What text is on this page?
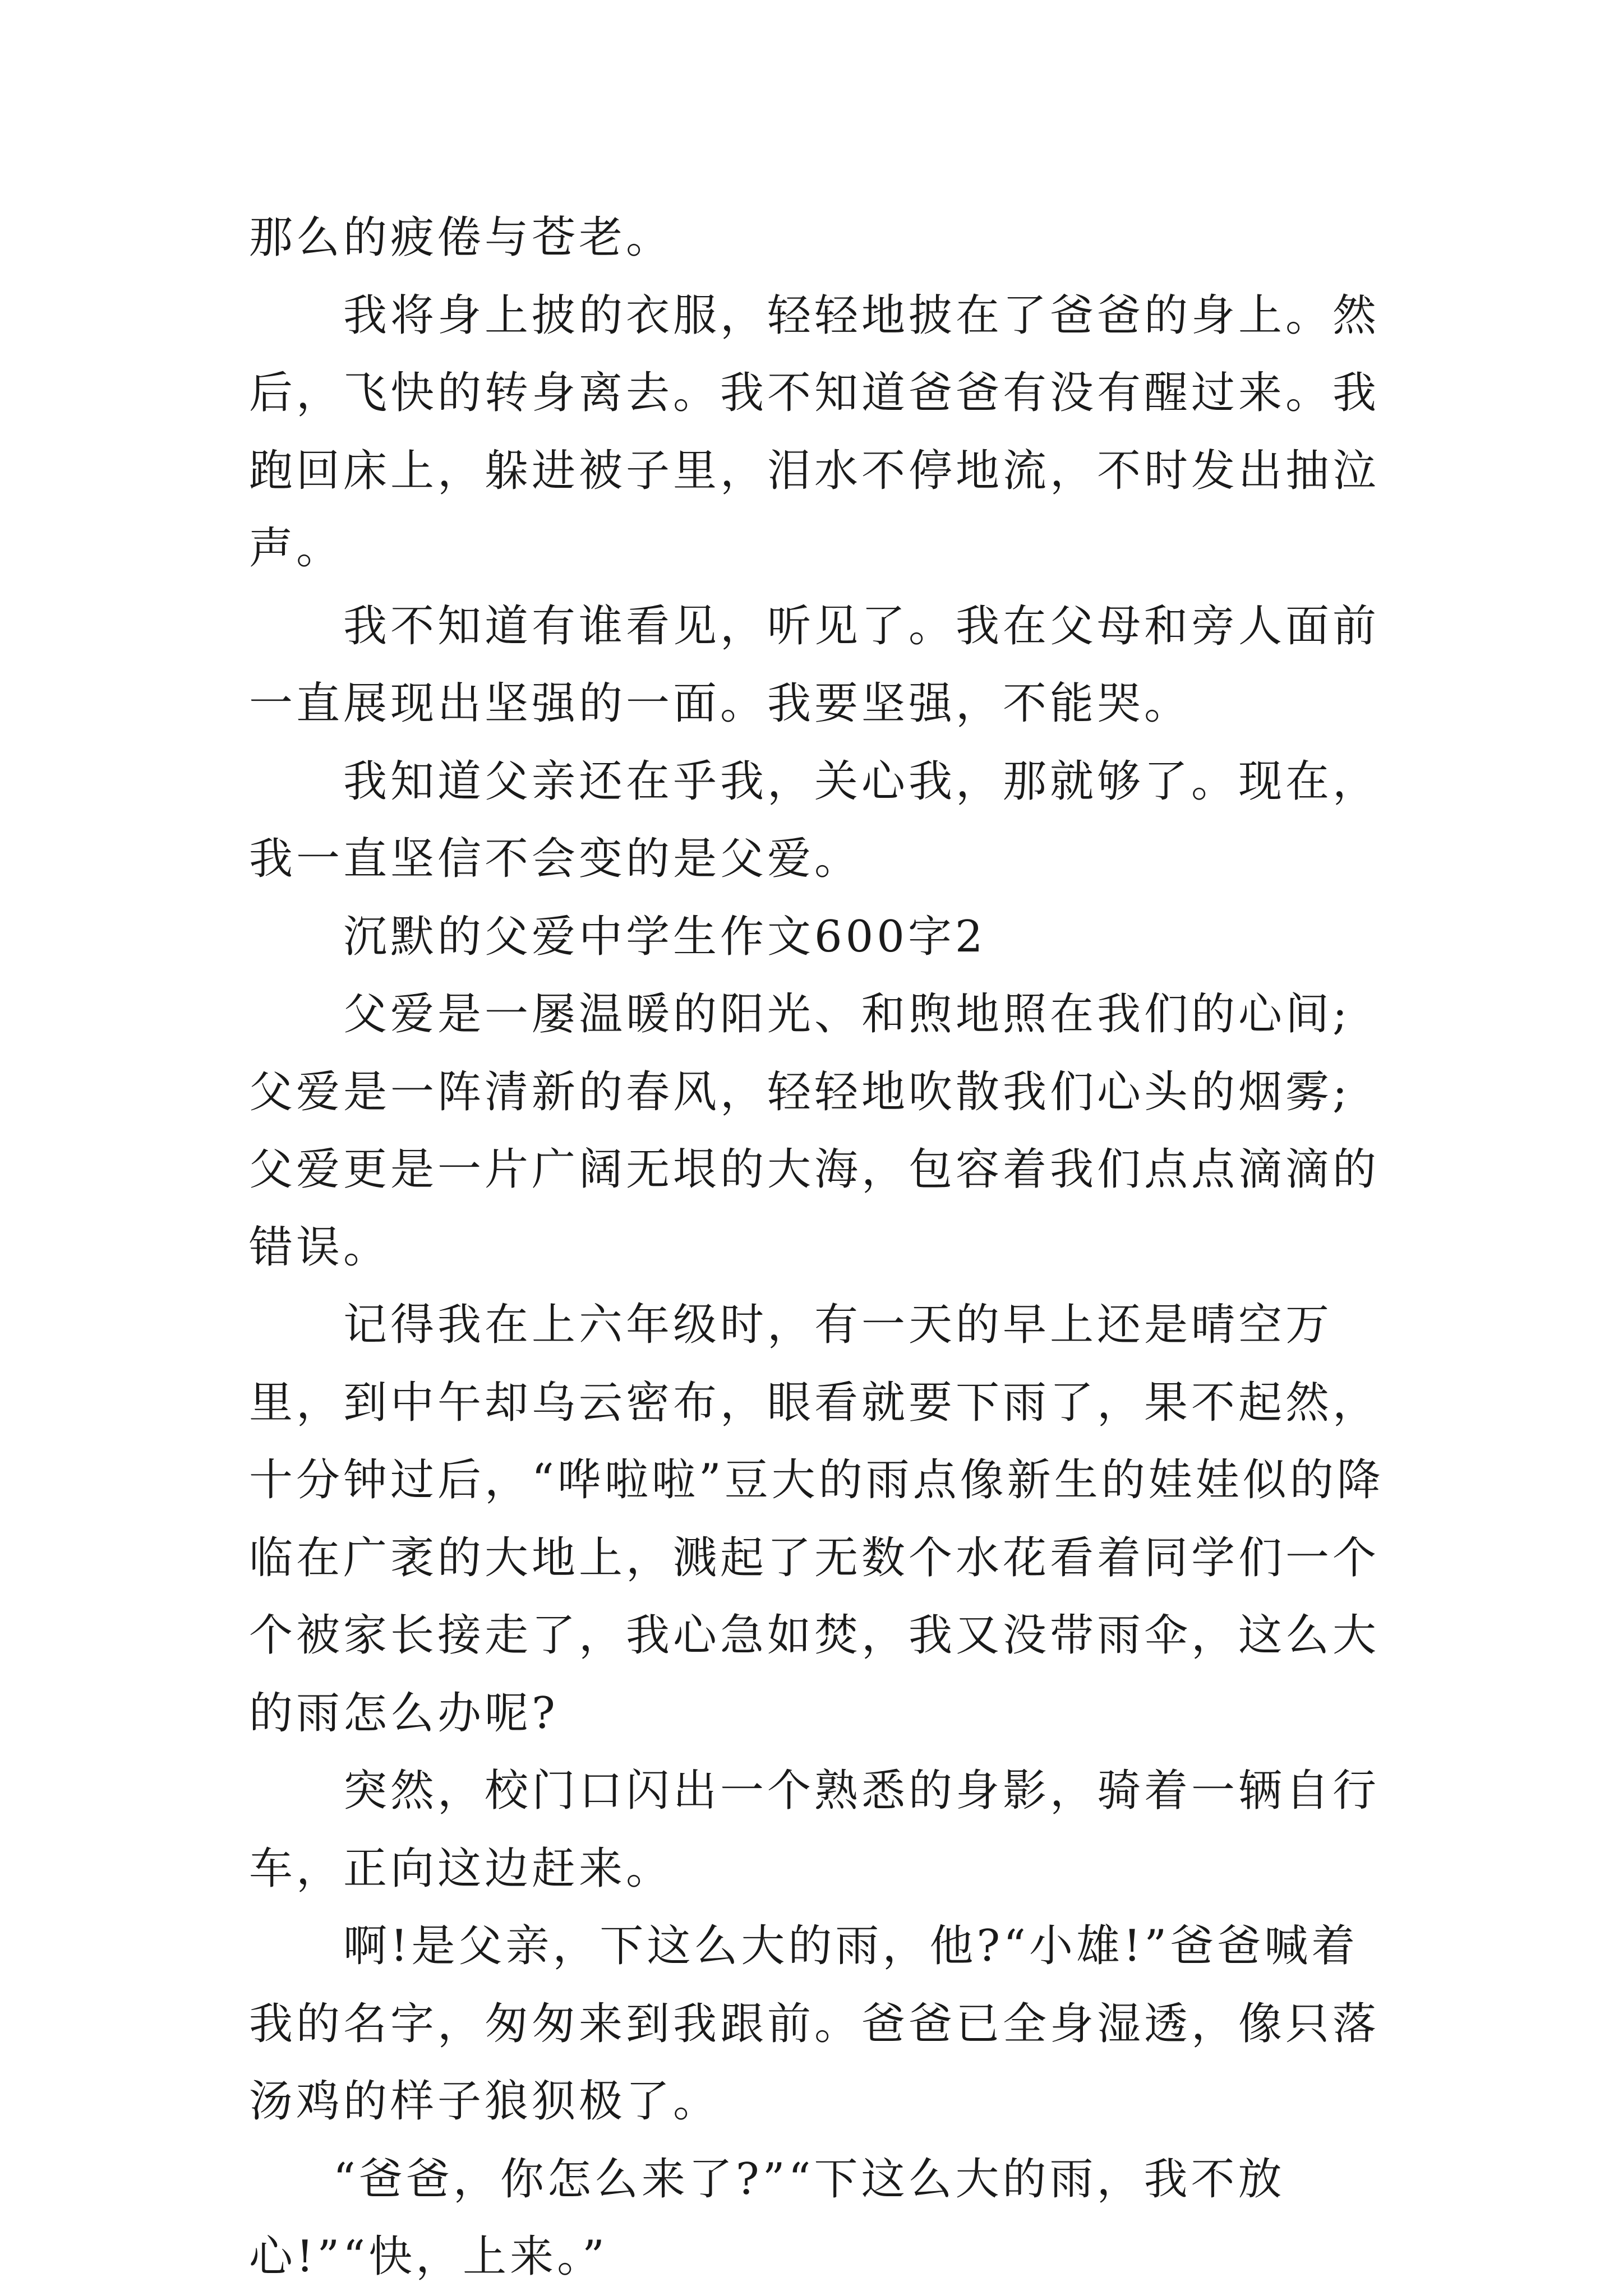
那么的疲倦与苍老。

我将身上披的衣服，轻轻地披在了爸爸的身上。然后，飞快的转身离去。我不知道爸爸有没有醒过来。我跑回床上，躲进被子里，泪水不停地流，不时发出抽泣声。

我不知道有谁看见，听见了。我在父母和旁人面前一直展现出坚强的一面。我要坚强，不能哭。

我知道父亲还在乎我，关心我，那就够了。现在，我一直坚信不会变的是父爱。

沉默的父爱中学生作文600字2

父爱是一屡温暖的阳光、和煦地照在我们的心间;父爱是一阵清新的春风，轻轻地吹散我们心头的烟雾;父爱更是一片广阔无垠的大海，包容着我们点点滴滴的错误。

记得我在上六年级时，有一天的早上还是晴空万里，到中午却乌云密布，眼看就要下雨了，果不起然，十分钟过后，“哗啦啦”豆大的雨点像新生的娃娃似的降临在广袤的大地上，溅起了无数个水花看着同学们一个个被家长接走了，我心急如焚，我又没带雨伞，这么大的雨怎么办呢?

突然，校门口闪出一个熟悉的身影，骑着一辆自行车，正向这边赶来。

啊!是父亲，下这么大的雨，他?“小雄!”爸爸喊着我的名字，匆匆来到我跟前。爸爸已全身湿透，像只落汤鸡的样子狼狈极了。

“爸爸，你怎么来了?”“下这么大的雨，我不放心!”“快，上来。”
